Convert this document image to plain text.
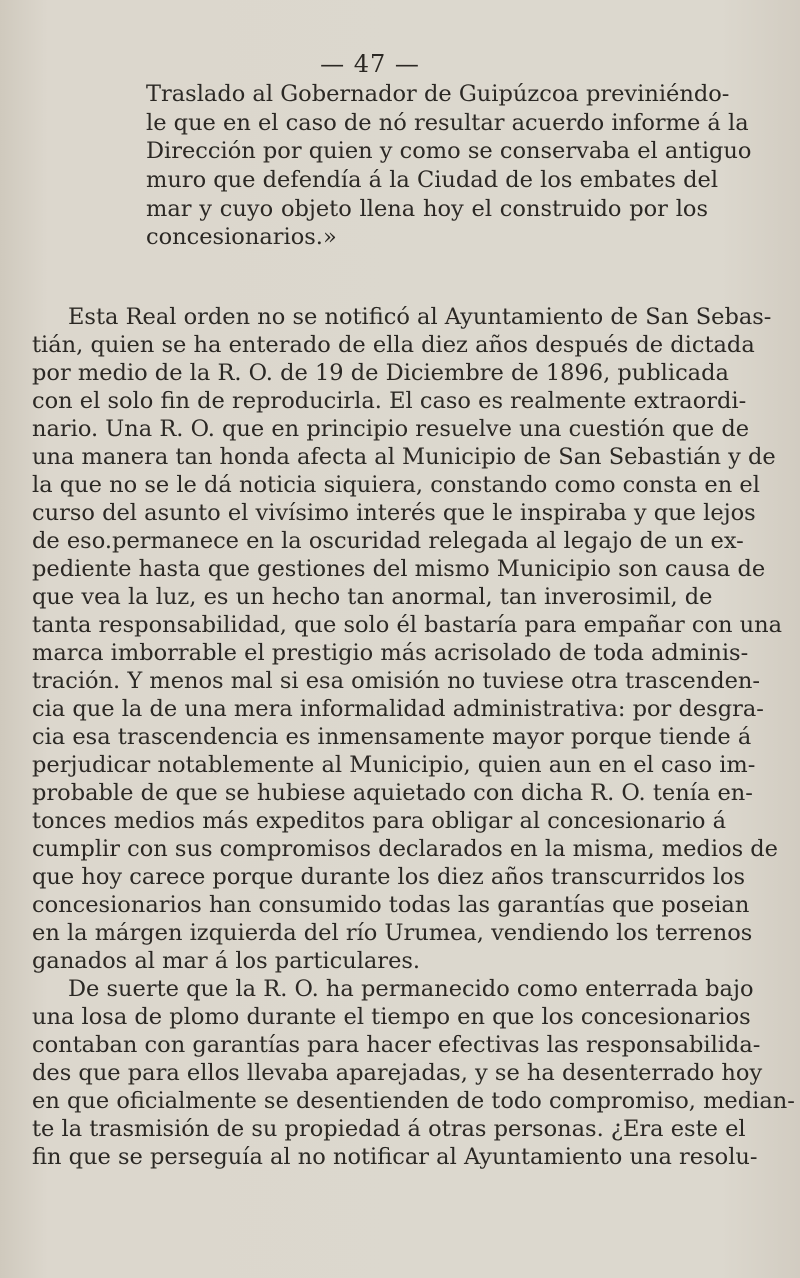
— 47 —
Traslado al Gobernador de Guipúzcoa previniéndo-
le que en el caso de nó resultar acuerdo informe á la
Dirección por quien y como se conservaba el antiguo
muro que defendía á la Ciudad de los embates del
mar y cuyo objeto llena hoy el construido por los
concesionarios.»
Esta Real orden no se notificó al Ayuntamiento de San Sebas-
tián, quien se ha enterado de ella diez años después de dictada
por medio de la R. O. de 19 de Diciembre de 1896, publicada
con el solo fin de reproducirla. El caso es realmente extraordi-
nario. Una R. O. que en principio resuelve una cuestión que de
una manera tan honda afecta al Municipio de San Sebastián y de
la que no se le dá noticia siquiera, constando como consta en el
curso del asunto el vivísimo interés que le inspiraba y que lejos
de eso.permanece en la oscuridad relegada al legajo de un ex-
pediente hasta que gestiones del mismo Municipio son causa de
que vea la luz, es un hecho tan anormal, tan inverosimil, de
tanta responsabilidad, que solo él bastaría para empañar con una
marca imborrable el prestigio más acrisolado de toda adminis-
tración. Y menos mal si esa omisión no tuviese otra trascenden-
cia que la de una mera informalidad administrativa: por desgra-
cia esa trascendencia es inmensamente mayor porque tiende á
perjudicar notablemente al Municipio, quien aun en el caso im-
probable de que se hubiese aquietado con dicha R. O. tenía en-
tonces medios más expeditos para obligar al concesionario á
cumplir con sus compromisos declarados en la misma, medios de
que hoy carece porque durante los diez años transcurridos los
concesionarios han consumido todas las garantías que poseian
en la márgen izquierda del río Urumea, vendiendo los terrenos
ganados al mar á los particulares.
De suerte que la R. O. ha permanecido como enterrada bajo
una losa de plomo durante el tiempo en que los concesionarios
contaban con garantías para hacer efectivas las responsabilida-
des que para ellos llevaba aparejadas, y se ha desenterrado hoy
en que oficialmente se desentienden de todo compromiso, median-
te la trasmisión de su propiedad á otras personas. ¿Era este el
fin que se perseguía al no notificar al Ayuntamiento una resolu-
